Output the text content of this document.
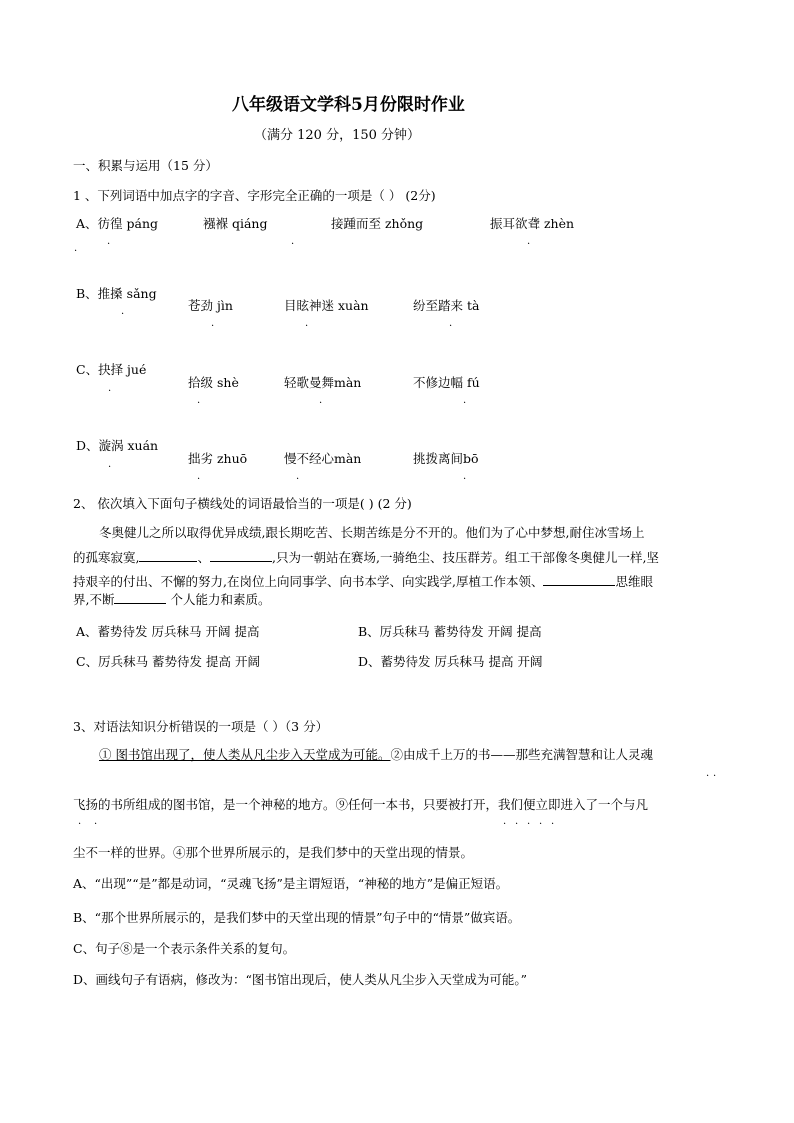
八年级语文学科5月份限时作业
（满分 120 分，150 分钟）
一、积累与运用（15 分）
1 、下列词语中加点字的字音、字形完全正确的一项是（ ） (2分)
A、彷徨 páng	襁褓 qiáng	接踵而至 zhǒng	振耳欲聋 zhèn
.	.	.
.
B、推搡 sǎng
苍劲 jìn	目眩神迷 xuàn	纷至踏来 tà
.
.	.	.
C、抉择 jué
拾级 shè	轻歌曼舞màn	不修边幅 fú
.
.	.	.
D、漩涡 xuán
拙劣 zhuō	慢不经心màn	挑拨离间bō
.
.	.	.
2、 依次填入下面句子横线处的词语最恰当的一项是( ) (2 分)
冬奥健儿之所以取得优异成绩,跟长期吃苦、长期苦练是分不开的。他们为了心中梦想,耐住冰雪场上
的孤寒寂寞,	、	,只为一朝站在赛场,一骑绝尘、技压群芳。组工干部像冬奥健儿一样,坚
持艰辛的付出、不懈的努力,在岗位上向同事学、向书本学、向实践学,厚植工作本领、	思维眼
界,不断	个人能力和素质。
A、蓄势待发 厉兵秣马 开阔 提高	B、厉兵秣马 蓄势待发 开阔 提高
C、厉兵秣马 蓄势待发 提高 开阔	D、蓄势待发 厉兵秣马 提高 开阔
3、对语法知识分析错误的一项是（ ）（3 分）
① 图书馆出现了，使人类从凡尘步入天堂成为可能。②由成千上万的书——那些充满智慧和让人灵魂
. .
飞扬的书所组成的图书馆，是一个神秘的地方。⑨任何一本书，只要被打开，我们便立即进入了一个与凡
. .	. . . . .
尘不一样的世界。④那个世界所展示的，是我们梦中的天堂出现的情景。
A、“出现”“是”都是动词，“灵魂飞扬”是主谓短语，“神秘的地方”是偏正短语。
B、“那个世界所展示的，是我们梦中的天堂出现的情景”句子中的“情景”做宾语。
C、句子⑧是一个表示条件关系的复句。
D、画线句子有语病，修改为：“图书馆出现后，使人类从凡尘步入天堂成为可能。”
